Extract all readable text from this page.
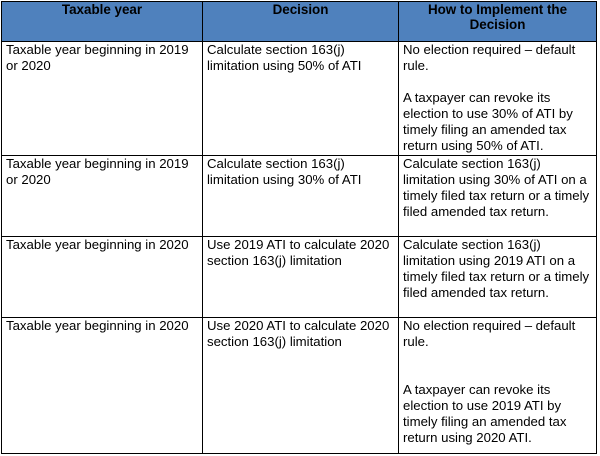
Taxable year	Decision	How to Implement the Decision
Taxable year beginning in 2019 or 2020	Calculate section 163(j) limitation using 50% of ATI	No election required – default rule.

A taxpayer can revoke its election to use 30% of ATI by timely filing an amended tax return using 50% of ATI.

Taxable year beginning in 2019 or 2020	Calculate section 163(j) limitation using 30% of ATI	Calculate section 163(j) limitation using 30% of ATI on a timely filed tax return or a timely filed amended tax return.

Taxable year beginning in 2020	Use 2019 ATI to calculate 2020 section 163(j) limitation	Calculate section 163(j) limitation using 2019 ATI on a timely filed tax return or a timely filed amended tax return.

Taxable year beginning in 2020	Use 2020 ATI to calculate 2020 section 163(j) limitation	No election required – default rule.

A taxpayer can revoke its election to use 2019 ATI by timely filing an amended tax return using 2020 ATI.
